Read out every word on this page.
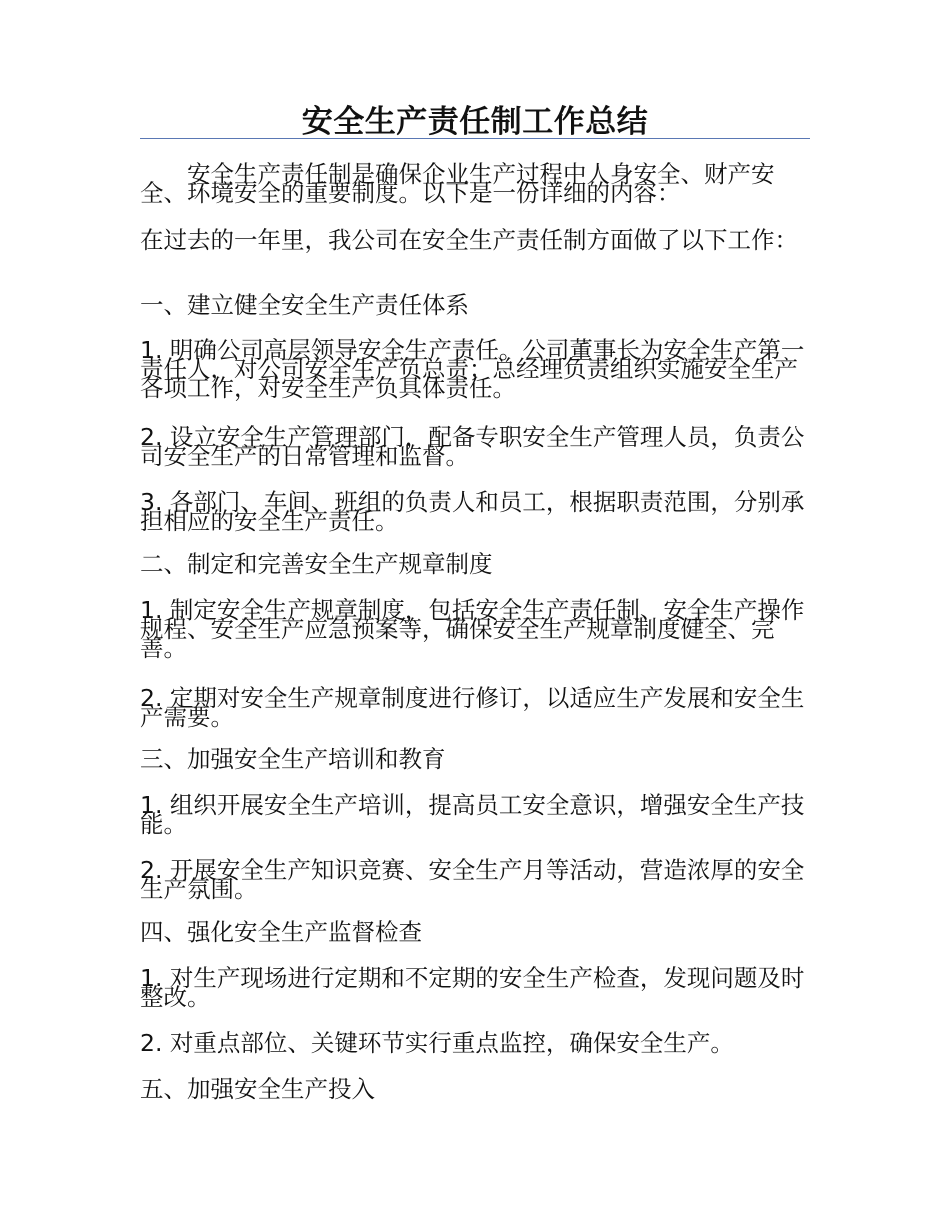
安全生产责任制工作总结

安全生产责任制是确保企业生产过程中人身安全、财产安全、环境安全的重要制度。以下是一份详细的内容：

在过去的一年里，我公司在安全生产责任制方面做了以下工作：

一、建立健全安全生产责任体系

1. 明确公司高层领导安全生产责任。公司董事长为安全生产第一责任人，对公司安全生产负总责；总经理负责组织实施安全生产各项工作，对安全生产负具体责任。

2. 设立安全生产管理部门，配备专职安全生产管理人员，负责公司安全生产的日常管理和监督。

3. 各部门、车间、班组的负责人和员工，根据职责范围，分别承担相应的安全生产责任。

二、制定和完善安全生产规章制度

1. 制定安全生产规章制度，包括安全生产责任制、安全生产操作规程、安全生产应急预案等，确保安全生产规章制度健全、完善。

2. 定期对安全生产规章制度进行修订，以适应生产发展和安全生产需要。

三、加强安全生产培训和教育

1. 组织开展安全生产培训，提高员工安全意识，增强安全生产技能。

2. 开展安全生产知识竞赛、安全生产月等活动，营造浓厚的安全生产氛围。

四、强化安全生产监督检查

1. 对生产现场进行定期和不定期的安全生产检查，发现问题及时整改。

2. 对重点部位、关键环节实行重点监控，确保安全生产。

五、加强安全生产投入
